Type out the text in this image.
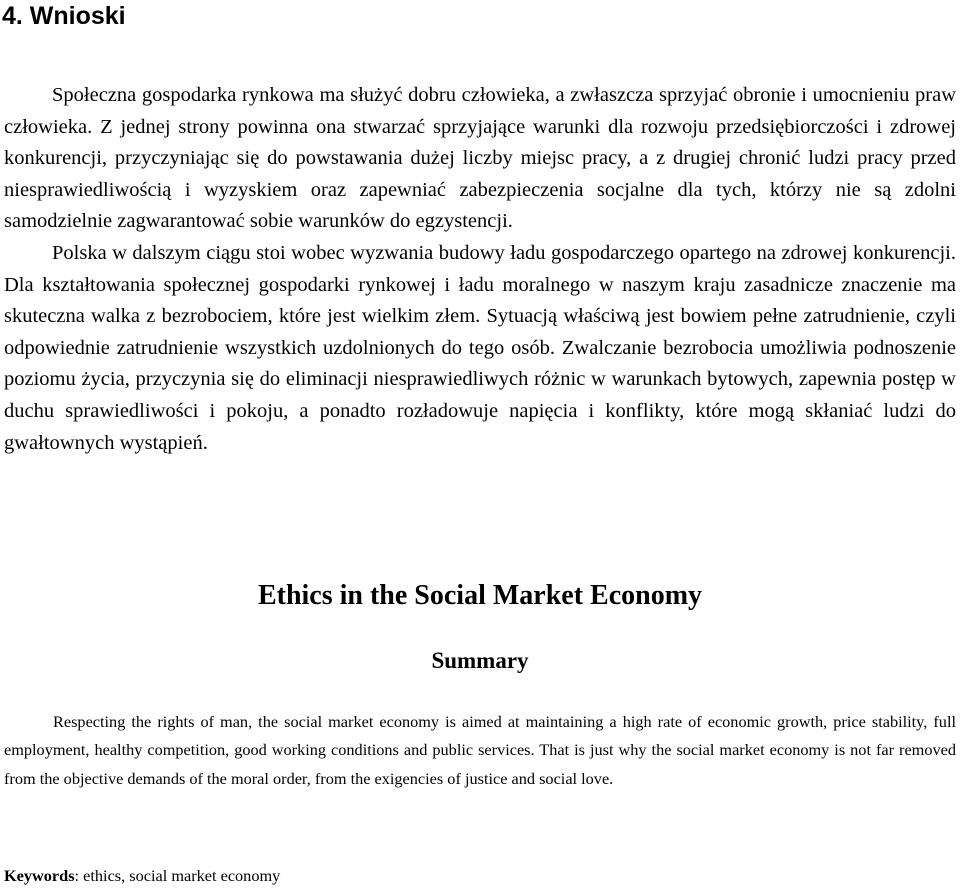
4. Wnioski

Społeczna gospodarka rynkowa ma służyć dobru człowieka, a zwłaszcza sprzyjać obronie i umocnieniu praw człowieka. Z jednej strony powinna ona stwarzać sprzyjające warunki dla rozwoju przedsiębiorczości i zdrowej konkurencji, przyczyniając się do powstawania dużej liczby miejsc pracy, a z drugiej chronić ludzi pracy przed niesprawiedliwością i wyzyskiem oraz zapewniać zabezpieczenia socjalne dla tych, którzy nie są zdolni samodzielnie zagwarantować sobie warunków do egzystencji.

Polska w dalszym ciągu stoi wobec wyzwania budowy ładu gospodarczego opartego na zdrowej konkurencji. Dla kształtowania społecznej gospodarki rynkowej i ładu moralnego w naszym kraju zasadnicze znaczenie ma skuteczna walka z bezrobociem, które jest wielkim złem. Sytuacją właściwą jest bowiem pełne zatrudnienie, czyli odpowiednie zatrudnienie wszystkich uzdolnionych do tego osób. Zwalczanie bezrobocia umożliwia podnoszenie poziomu życia, przyczynia się do eliminacji niesprawiedliwych różnic w warunkach bytowych, zapewnia postęp w duchu sprawiedliwości i pokoju, a ponadto rozładowuje napięcia i konflikty, które mogą skłaniać ludzi do gwałtownych wystąpień.

Ethics in the Social Market Economy
Summary

Respecting the rights of man, the social market economy is aimed at maintaining a high rate of economic growth, price stability, full employment, healthy competition, good working conditions and public services. That is just why the social market economy is not far removed from the objective demands of the moral order, from the exigencies of justice and social love.

Keywords: ethics, social market economy
